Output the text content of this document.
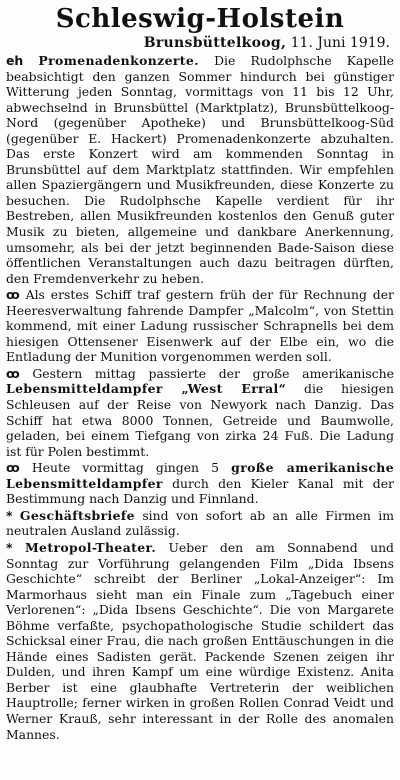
Schleswig-Holstein
Brunsbüttelkoog, 11. Juni 1919.

eh Promenadenkonzerte. Die Rudolphsche Kapelle beabsichtigt den ganzen Sommer hindurch bei günstiger Witterung jeden Sonntag, vormittags von 11 bis 12 Uhr, abwechselnd in Brunsbüttel (Marktplatz), Brunsbüttelkoog-Nord (gegenüber Apotheke) und Brunsbüttelkoog-Süd (gegenüber E. Hackert) Promenadenkonzerte abzuhalten. Das erste Konzert wird am kommenden Sonntag in Brunsbüttel auf dem Marktplatz stattfinden. Wir empfehlen allen Spaziergängern und Musikfreunden, diese Konzerte zu besuchen. Die Rudolphsche Kapelle verdient für ihr Bestreben, allen Musikfreunden kostenlos den Genuß guter Musik zu bieten, allgemeine und dankbare Anerkennung, umsomehr, als bei der jetzt beginnenden Bade-Saison diese öffentlichen Veranstaltungen auch dazu beitragen dürften, den Fremdenverkehr zu heben.

ꝏ Als erstes Schiff traf gestern früh der für Rechnung der Heeresverwaltung fahrende Dampfer „Malcolm“, von Stettin kommend, mit einer Ladung russischer Schrapnells bei dem hiesigen Ottensener Eisenwerk auf der Elbe ein, wo die Entladung der Munition vorgenommen werden soll.

ꝏ Gestern mittag passierte der große amerikanische Lebensmitteldampfer „West Erral“ die hiesigen Schleusen auf der Reise von Newyork nach Danzig. Das Schiff hat etwa 8000 Tonnen, Getreide und Baumwolle, geladen, bei einem Tiefgang von zirka 24 Fuß. Die Ladung ist für Polen bestimmt.

ꝏ Heute vormittag gingen 5 große amerikanische Lebensmitteldampfer durch den Kieler Kanal mit der Bestimmung nach Danzig und Finnland.

* Geschäftsbriefe sind von sofort ab an alle Firmen im neutralen Ausland zulässig.

* Metropol-Theater. Ueber den am Sonnabend und Sonntag zur Vorführung gelangenden Film „Dida Ibsens Geschichte“ schreibt der Berliner „Lokal-Anzeiger“: Im Marmorhaus sieht man ein Finale zum „Tagebuch einer Verlorenen“: „Dida Ibsens Geschichte“. Die von Margarete Böhme verfaßte, psychopathologische Studie schildert das Schicksal einer Frau, die nach großen Enttäuschungen in die Hände eines Sadisten gerät. Packende Szenen zeigen ihr Dulden, und ihren Kampf um eine würdige Existenz. Anita Berber ist eine glaubhafte Vertreterin der weiblichen Hauptrolle; ferner wirken in großen Rollen Conrad Veidt und Werner Krauß, sehr interessant in der Rolle des anomalen Mannes.
